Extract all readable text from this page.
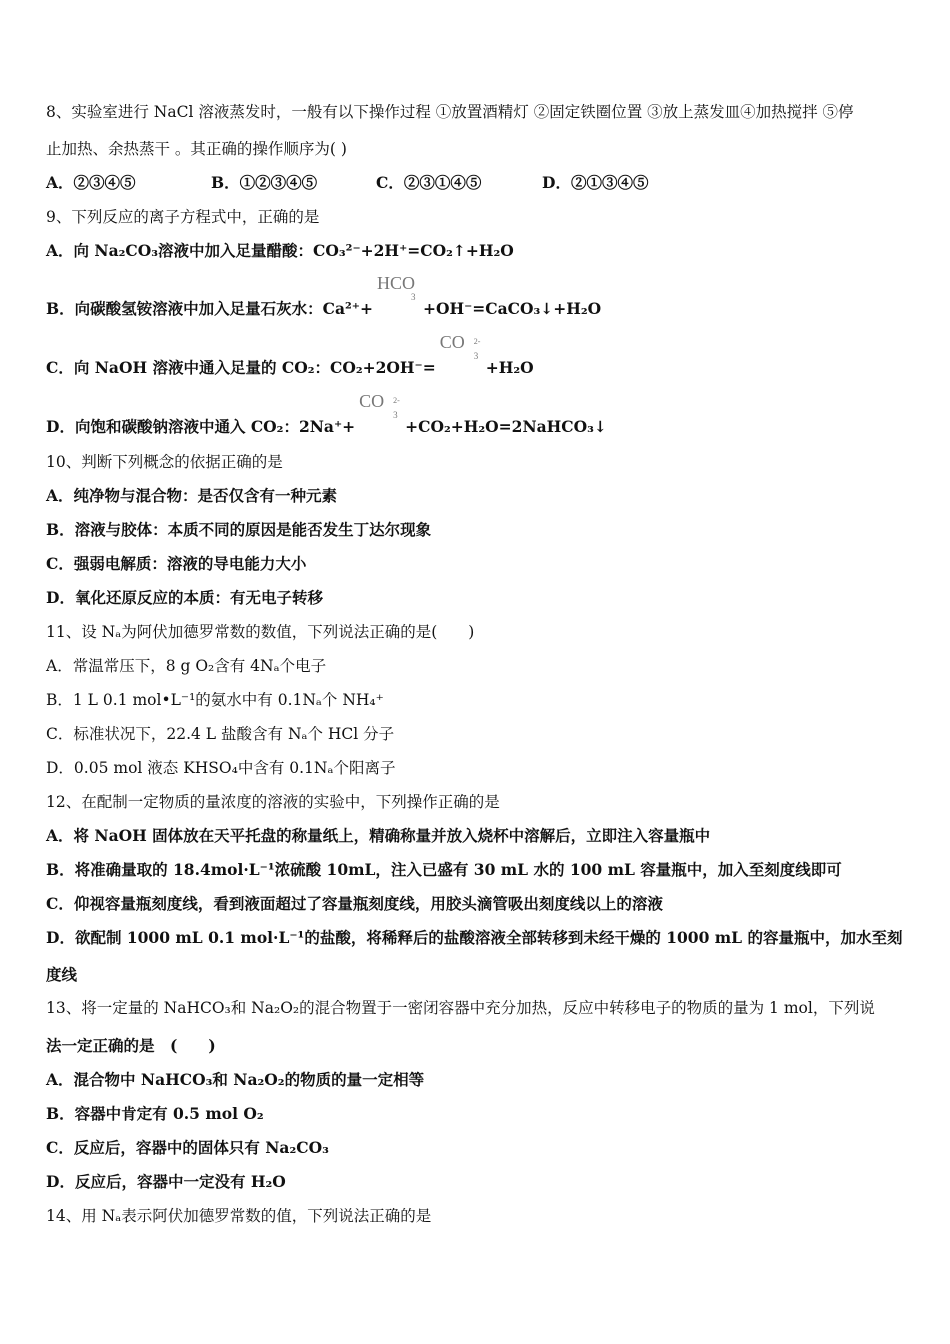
8、实验室进行 NaCl 溶液蒸发时，一般有以下操作过程 ①放置酒精灯 ②固定铁圈位置 ③放上蒸发皿④加热搅拌 ⑤停
止加热、余热蒸干 。其正确的操作顺序为( )
A．②③④⑤	B．①②③④⑤	C．②③①④⑤	D．②①③④⑤
9、下列反应的离子方程式中，正确的是
A．向 Na₂CO₃溶液中加入足量醋酸：CO₃²⁻+2H⁺=CO₂↑+H₂O
B．向碳酸氢铵溶液中加入足量石灰水：Ca²⁺+
HCO
3
+OH⁻=CaCO₃↓+H₂O
C．向 NaOH 溶液中通入足量的 CO₂：CO₂+2OH⁻=
CO 2-
3
+H₂O
D．向饱和碳酸钠溶液中通入 CO₂：2Na⁺+
CO 2-
3
+CO₂+H₂O=2NaHCO₃↓
10、判断下列概念的依据正确的是
A．纯净物与混合物：是否仅含有一种元素
B．溶液与胶体：本质不同的原因是能否发生丁达尔现象
C．强弱电解质：溶液的导电能力大小
D．氧化还原反应的本质：有无电子转移
11、设 Nₐ为阿伏加德罗常数的数值，下列说法正确的是(　　)
A．常温常压下，8 g O₂含有 4Nₐ个电子
B．1 L 0.1 mol•L⁻¹的氨水中有 0.1Nₐ个 NH₄⁺
C．标准状况下，22.4 L 盐酸含有 Nₐ个 HCl 分子
D．0.05 mol 液态 KHSO₄中含有 0.1Nₐ个阳离子
12、在配制一定物质的量浓度的溶液的实验中，下列操作正确的是
A．将 NaOH 固体放在天平托盘的称量纸上，精确称量并放入烧杯中溶解后，立即注入容量瓶中
B．将准确量取的 18.4mol·L⁻¹浓硫酸 10mL，注入已盛有 30 mL 水的 100 mL 容量瓶中，加入至刻度线即可
C．仰视容量瓶刻度线，看到液面超过了容量瓶刻度线，用胶头滴管吸出刻度线以上的溶液
D．欲配制 1000 mL 0.1 mol·L⁻¹的盐酸，将稀释后的盐酸溶液全部转移到未经干燥的 1000 mL 的容量瓶中，加水至刻
度线
13、将一定量的 NaHCO₃和 Na₂O₂的混合物置于一密闭容器中充分加热，反应中转移电子的物质的量为 1 mol，下列说
法一定正确的是　(　　)
A．混合物中 NaHCO₃和 Na₂O₂的物质的量一定相等
B．容器中肯定有 0.5 mol O₂
C．反应后，容器中的固体只有 Na₂CO₃
D．反应后，容器中一定没有 H₂O
14、用 Nₐ表示阿伏加德罗常数的值，下列说法正确的是
